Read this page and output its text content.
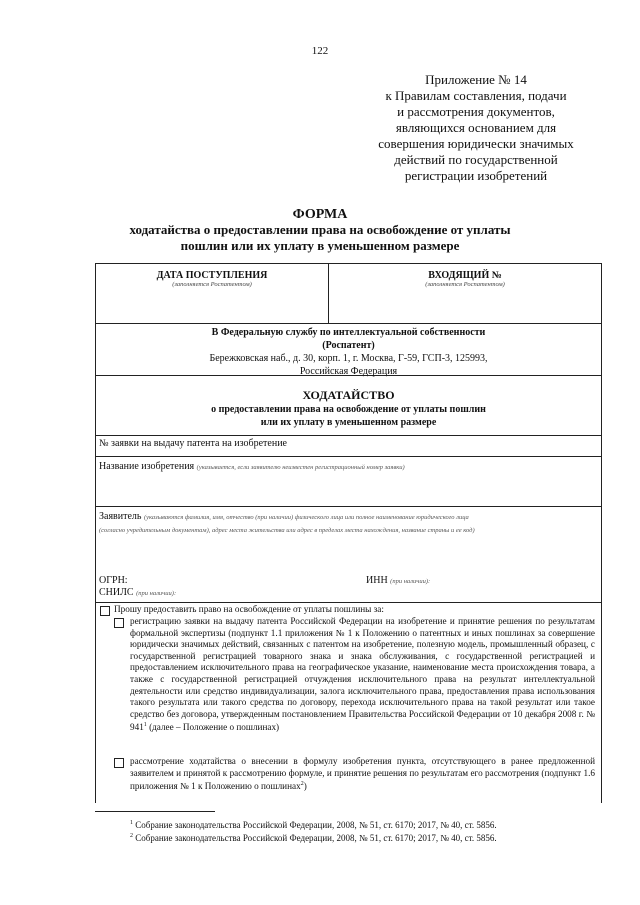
122
Приложение № 14
к Правилам составления, подачи
и рассмотрения документов,
являющихся основанием для
совершения юридически значимых
действий по государственной
регистрации изобретений
ФОРМА
ходатайства о предоставлении права на освобождение от уплаты
пошлин или их уплату в уменьшенном размере
ДАТА ПОСТУПЛЕНИЯ
(заполняется Роспатентом)
ВХОДЯЩИЙ №
(заполняется Роспатентом)
В Федеральную службу по интеллектуальной собственности
(Роспатент)
Бережковская наб., д. 30, корп. 1, г. Москва, Г-59, ГСП-3, 125993,
Российская Федерация
ХОДАТАЙСТВО
о предоставлении права на освобождение от уплаты пошлин
или их уплату в уменьшенном размере
№ заявки на выдачу патента на изобретение
Название изобретения (указывается, если заявителю неизвестен регистрационный номер заявки)
Заявитель (указываются фамилия, имя, отчество (при наличии) физического лица или полное наименование юридического лица
(согласно учредительным документам), адрес места жительства или адрес в пределах места нахождения, название страны и ее код)
ОГРН:	ИНН (при наличии):
СНИЛС (при наличии):
Прошу предоставить право на освобождение от уплаты пошлины за:
регистрацию заявки на выдачу патента Российской Федерации на изобретение и принятие решения по результатам формальной экспертизы (подпункт 1.1 приложения № 1 к Положению о патентных и иных пошлинах за совершение юридически значимых действий, связанных с патентом на изобретение, полезную модель, промышленный образец, с государственной регистрацией товарного знака и знака обслуживания, с государственной регистрацией и предоставлением исключительного права на географическое указание, наименование места происхождения товара, а также с государственной регистрацией отчуждения исключительного права на результат интеллектуальной деятельности или средство индивидуализации, залога исключительного права, предоставления права использования такого результата или такого средства по договору, перехода исключительного права на такой результат или такое средство без договора, утвержденным постановлением Правительства Российской Федерации от 10 декабря 2008 г. № $941^1$ (далее – Положение о пошлинах)
рассмотрение ходатайства о внесении в формулу изобретения пункта, отсутствующего в ранее предложенной заявителем и принятой к рассмотрению формуле, и принятие решения по результатам его рассмотрения (подпункт 1.6 приложения № 1 к Положению о пошлинах$^2$)
$^1$ Собрание законодательства Российской Федерации, 2008, № 51, ст. 6170; 2017, № 40, ст. 5856.
$^2$ Собрание законодательства Российской Федерации, 2008, № 51, ст. 6170; 2017, № 40, ст. 5856.
